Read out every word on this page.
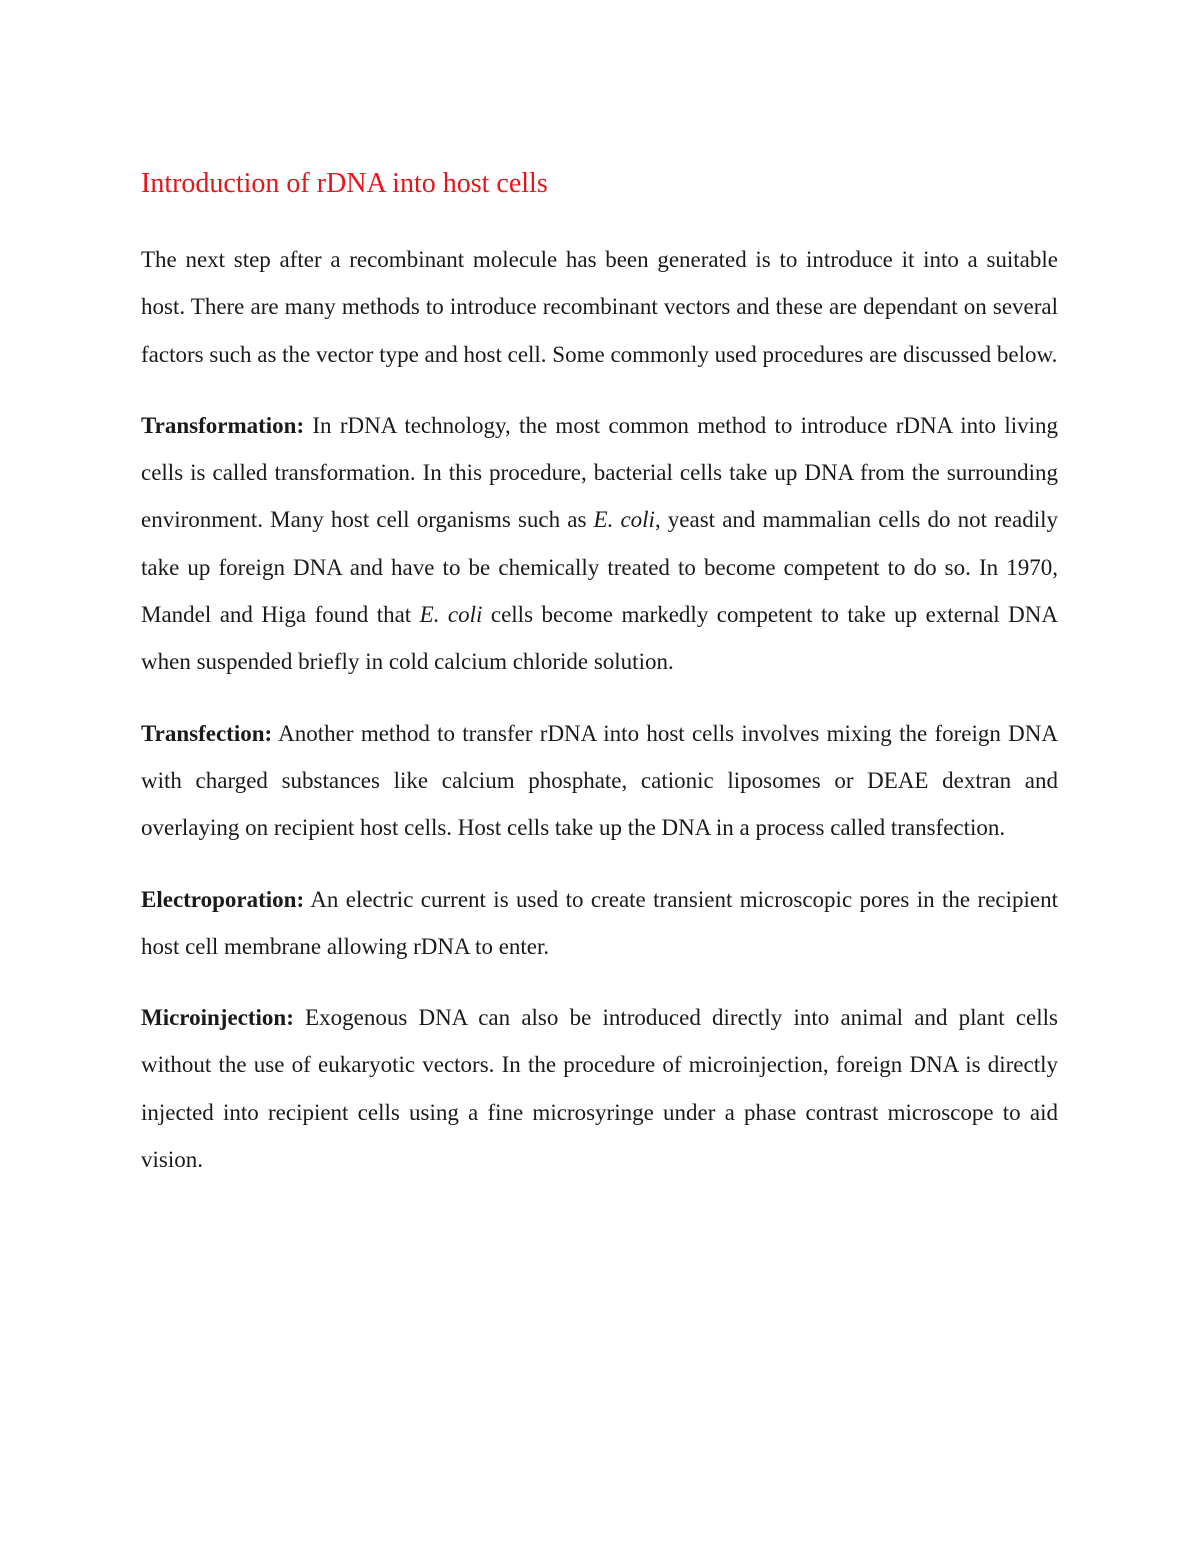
Introduction of rDNA into host cells

The next step after a recombinant molecule has been generated is to introduce it into a suitable host. There are many methods to introduce recombinant vectors and these are dependant on several factors such as the vector type and host cell. Some commonly used procedures are discussed below.

Transformation: In rDNA technology, the most common method to introduce rDNA into living cells is called transformation. In this procedure, bacterial cells take up DNA from the surrounding environment. Many host cell organisms such as E. coli, yeast and mammalian cells do not readily take up foreign DNA and have to be chemically treated to become competent to do so. In 1970, Mandel and Higa found that E. coli cells become markedly competent to take up external DNA when suspended briefly in cold calcium chloride solution.

Transfection: Another method to transfer rDNA into host cells involves mixing the foreign DNA with charged substances like calcium phosphate, cationic liposomes or DEAE dextran and overlaying on recipient host cells. Host cells take up the DNA in a process called transfection.

Electroporation: An electric current is used to create transient microscopic pores in the recipient host cell membrane allowing rDNA to enter.

Microinjection: Exogenous DNA can also be introduced directly into animal and plant cells without the use of eukaryotic vectors. In the procedure of microinjection, foreign DNA is directly injected into recipient cells using a fine microsyringe under a phase contrast microscope to aid vision.
